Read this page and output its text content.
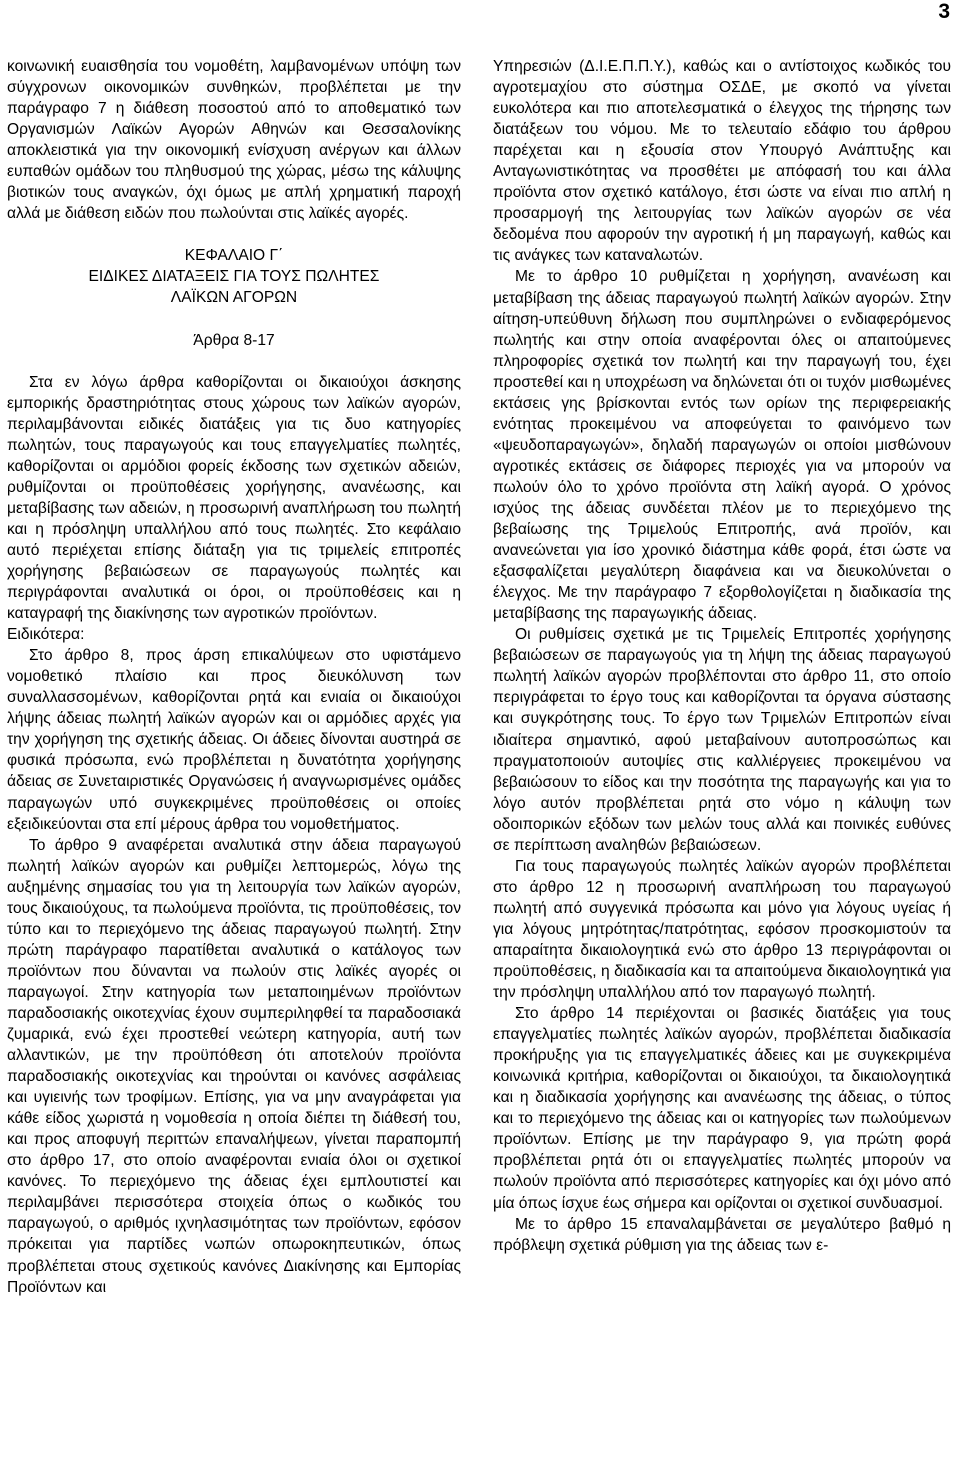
3

κοινωνική ευαισθησία του νομοθέτη, λαμβανομένων υπόψη των σύγχρονων οικονομικών συνθηκών, προβλέπεται με την παράγραφο 7 η διάθεση ποσοστού από το αποθεματικό των Οργανισμών Λαϊκών Αγορών Αθηνών και Θεσσαλονίκης αποκλειστικά για την οικονομική ενίσχυση ανέργων και άλλων ευπαθών ομάδων του πληθυσμού της χώρας, μέσω της κάλυψης βιοτικών τους αναγκών, όχι όμως με απλή χρηματική παροχή αλλά με διάθεση ειδών που πωλούνται στις λαϊκές αγορές.

ΚΕΦΑΛΑΙΟ Γ΄
ΕΙΔΙΚΕΣ ΔΙΑΤΑΞΕΙΣ ΓΙΑ ΤΟΥΣ ΠΩΛΗΤΕΣ
ΛΑΪΚΩΝ ΑΓΟΡΩΝ
Άρθρα 8-17

Στα εν λόγω άρθρα καθορίζονται οι δικαιούχοι άσκησης εμπορικής δραστηριότητας στους χώρους των λαϊκών αγορών, περιλαμβάνονται ειδικές διατάξεις για τις δυο κατηγορίες πωλητών, τους παραγωγούς και τους επαγγελματίες πωλητές, καθορίζονται οι αρμόδιοι φορείς έκδοσης των σχετικών αδειών, ρυθμίζονται οι προϋποθέσεις χορήγησης, ανανέωσης, και μεταβίβασης των αδειών, η προσωρινή αναπλήρωση του πωλητή και η πρόσληψη υπαλλήλου από τους πωλητές. Στο κεφάλαιο αυτό περιέχεται επίσης διάταξη για τις τριμελείς επιτροπές χορήγησης βεβαιώσεων σε παραγωγούς πωλητές και περιγράφονται αναλυτικά οι όροι, οι προϋποθέσεις και η καταγραφή της διακίνησης των αγροτικών προϊόντων.

Ειδικότερα:

Στο άρθρο 8, προς άρση επικαλύψεων στο υφιστάμενο νομοθετικό πλαίσιο και προς διευκόλυνση των συναλλασσομένων, καθορίζονται ρητά και ενιαία οι δικαιούχοι λήψης άδειας πωλητή λαϊκών αγορών και οι αρμόδιες αρχές για την χορήγηση της σχετικής άδειας. Οι άδειες δίνονται αυστηρά σε φυσικά πρόσωπα, ενώ προβλέπεται η δυνατότητα χορήγησης άδειας σε Συνεταιριστικές Οργανώσεις ή αναγνωρισμένες ομάδες παραγωγών υπό συγκεκριμένες προϋποθέσεις οι οποίες εξειδικεύονται στα επί μέρους άρθρα του νομοθετήματος.

Το άρθρο 9 αναφέρεται αναλυτικά στην άδεια παραγωγού πωλητή λαϊκών αγορών και ρυθμίζει λεπτομερώς, λόγω της αυξημένης σημασίας του για τη λειτουργία των λαϊκών αγορών, τους δικαιούχους, τα πωλούμενα προϊόντα, τις προϋποθέσεις, τον τύπο και το περιεχόμενο της άδειας παραγωγού πωλητή. Στην πρώτη παράγραφο παρατίθεται αναλυτικά ο κατάλογος των προϊόντων που δύνανται να πωλούν στις λαϊκές αγορές οι παραγωγοί. Στην κατηγορία των μεταποιημένων προϊόντων παραδοσιακής οικοτεχνίας έχουν συμπεριληφθεί τα παραδοσιακά ζυμαρικά, ενώ έχει προστεθεί νεώτερη κατηγορία, αυτή των αλλαντικών, με την προϋπόθεση ότι αποτελούν προϊόντα παραδοσιακής οικοτεχνίας και τηρούνται οι κανόνες ασφάλειας και υγιεινής των τροφίμων. Επίσης, για να μην αναγράφεται για κάθε είδος χωριστά η νομοθεσία η οποία διέπει τη διάθεσή του, και προς αποφυγή περιττών επαναλήψεων, γίνεται παραπομπή στο άρθρο 17, στο οποίο αναφέρονται ενιαία όλοι οι σχετικοί κανόνες. Το περιεχόμενο της άδειας έχει εμπλουτιστεί και περιλαμβάνει περισσότερα στοιχεία όπως ο κωδικός του παραγωγού, ο αριθμός ιχνηλασιμότητας των προϊόντων, εφόσον πρόκειται για παρτίδες νωπών οπωροκηπευτικών, όπως προβλέπεται στους σχετικούς κανόνες Διακίνησης και Εμπορίας Προϊόντων και

Υπηρεσιών (Δ.Ι.Ε.Π.Π.Υ.), καθώς και ο αντίστοιχος κωδικός του αγροτεμαχίου στο σύστημα ΟΣΔΕ, με σκοπό να γίνεται ευκολότερα και πιο αποτελεσματικά ο έλεγχος της τήρησης των διατάξεων του νόμου. Με το τελευταίο εδάφιο του άρθρου παρέχεται και η εξουσία στον Υπουργό Ανάπτυξης και Ανταγωνιστικότητας να προσθέτει με απόφασή του και άλλα προϊόντα στον σχετικό κατάλογο, έτσι ώστε να είναι πιο απλή η προσαρμογή της λειτουργίας των λαϊκών αγορών σε νέα δεδομένα που αφορούν την αγροτική ή μη παραγωγή, καθώς και τις ανάγκες των καταναλωτών.

Με το άρθρο 10 ρυθμίζεται η χορήγηση, ανανέωση και μεταβίβαση της άδειας παραγωγού πωλητή λαϊκών αγορών. Στην αίτηση-υπεύθυνη δήλωση που συμπληρώνει ο ενδιαφερόμενος πωλητής και στην οποία αναφέρονται όλες οι απαιτούμενες πληροφορίες σχετικά τον πωλητή και την παραγωγή του, έχει προστεθεί και η υποχρέωση να δηλώνεται ότι οι τυχόν μισθωμένες εκτάσεις γης βρίσκονται εντός των ορίων της περιφερειακής ενότητας προκειμένου να αποφεύγεται το φαινόμενο των «ψευδοπαραγωγών», δηλαδή παραγωγών οι οποίοι μισθώνουν αγροτικές εκτάσεις σε διάφορες περιοχές για να μπορούν να πωλούν όλο το χρόνο προϊόντα στη λαϊκή αγορά. Ο χρόνος ισχύος της άδειας συνδέεται πλέον με το περιεχόμενο της βεβαίωσης της Τριμελούς Επιτροπής, ανά προϊόν, και ανανεώνεται για ίσο χρονικό διάστημα κάθε φορά, έτσι ώστε να εξασφαλίζεται μεγαλύτερη διαφάνεια και να διευκολύνεται ο έλεγχος. Με την παράγραφο 7 εξορθολογίζεται η διαδικασία της μεταβίβασης της παραγωγικής άδειας.

Οι ρυθμίσεις σχετικά με τις Τριμελείς Επιτροπές χορήγησης βεβαιώσεων σε παραγωγούς για τη λήψη της άδειας παραγωγού πωλητή λαϊκών αγορών προβλέπονται στο άρθρο 11, στο οποίο περιγράφεται το έργο τους και καθορίζονται τα όργανα σύστασης και συγκρότησης τους. Το έργο των Τριμελών Επιτροπών είναι ιδιαίτερα σημαντικό, αφού μεταβαίνουν αυτοπροσώπως και πραγματοποιούν αυτοψίες στις καλλιέργειες προκειμένου να βεβαιώσουν το είδος και την ποσότητα της παραγωγής και για το λόγο αυτόν προβλέπεται ρητά στο νόμο η κάλυψη των οδοιπορικών εξόδων των μελών τους αλλά και ποινικές ευθύνες σε περίπτωση αναληθών βεβαιώσεων.

Για τους παραγωγούς πωλητές λαϊκών αγορών προβλέπεται στο άρθρο 12 η προσωρινή αναπλήρωση του παραγωγού πωλητή από συγγενικά πρόσωπα και μόνο για λόγους υγείας ή για λόγους μητρότητας/πατρότητας, εφόσον προσκομιστούν τα απαραίτητα δικαιολογητικά ενώ στο άρθρο 13 περιγράφονται οι προϋποθέσεις, η διαδικασία και τα απαιτούμενα δικαιολογητικά για την πρόσληψη υπαλλήλου από τον παραγωγό πωλητή.

Στο άρθρο 14 περιέχονται οι βασικές διατάξεις για τους επαγγελματίες πωλητές λαϊκών αγορών, προβλέπεται διαδικασία προκήρυξης για τις επαγγελματικές άδειες και με συγκεκριμένα κοινωνικά κριτήρια, καθορίζονται οι δικαιούχοι, τα δικαιολογητικά και η διαδικασία χορήγησης και ανανέωσης της άδειας, ο τύπος και το περιεχόμενο της άδειας και οι κατηγορίες των πωλούμενων προϊόντων. Επίσης με την παράγραφο 9, για πρώτη φορά προβλέπεται ρητά ότι οι επαγγελματίες πωλητές μπορούν να πωλούν προϊόντα από περισσότερες κατηγορίες και όχι μόνο από μία όπως ίσχυε έως σήμερα και ορίζονται οι σχετικοί συνδυασμοί.

Με το άρθρο 15 επαναλαμβάνεται σε μεγαλύτερο βαθμό η πρόβλεψη σχετικά ρύθμιση για της άδειας των ε-
